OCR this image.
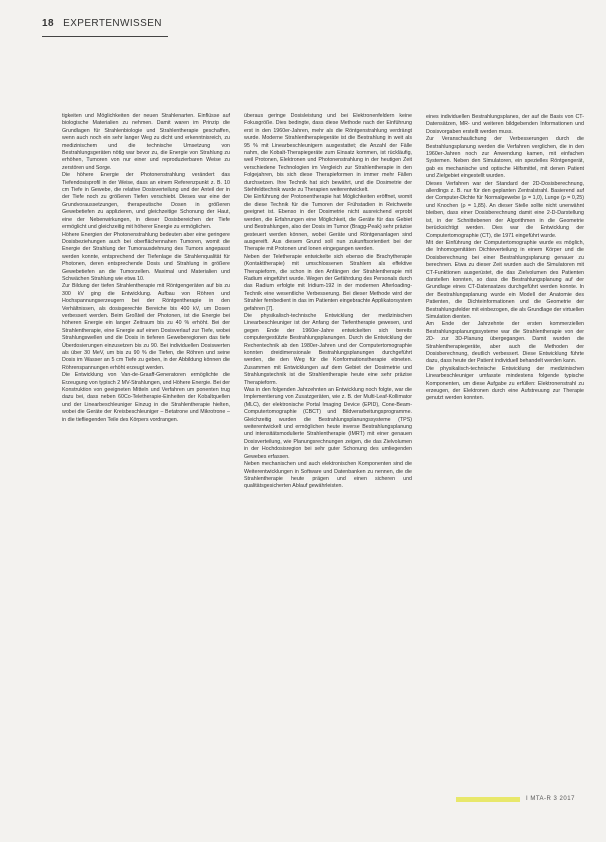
18 EXPERTENWISSEN

tigkeiten und Möglichkeiten der neuen Strahlenarten. Einflüsse auf biologische Materialien zu nehmen. Damit waren im Prinzip die Grundlagen für Strahlenbiologie und Strahlentherapie geschaffen, wenn auch noch ein sehr langer Weg zu dicht und erkenntnisreich, zu medizinischem und die technische Umsetzung von Bestrahlungsgeräten nötig war bevor zu, die Energie von Strahlung zu erhöhen, Tumoren von nur einer und reproduzierbaren Weise zu zerstören und Sorge.

Die höhere Energie der Photonenstrahlung verändert das Tiefendosisprofil in der Weise, dass an einem Referenzpunkt z. B. 10 cm Tiefe in Gewebe, die relative Dosisverteilung und der Anteil der in der Tiefe noch zu größeren Tiefen verschiebt. Dieses war eine der Grundvoraussetzungen, therapeutische Dosen in größeren Gewebetiefen zu applizieren, und gleichzeitige Schonung der Haut, eine der Nebenwirkungen, in dieser Dosisbereichen der Tiefe ermöglicht und gleichzeitig mit höherer Energie zu ermöglichen.

Höhere Energien der Photonenstrahlung bedeuten aber eine geringere Dosisbeziehungen auch bei oberflächennahen Tumoren, womit die Energie der Strahlung der Tumorausdehnung des Tumors angepasst werden konnte, entsprechend der Tiefenlage die Strahlenqualität für Photonen, deren entsprechende Dosis und Strahlung in größere Gewebetiefen an die Tumorzellen. Maximal und Materialien und Schwächen Strahlung wie etwa 10.

Zur Bildung der tiefen Strahlentherapie mit Röntgengeräten auf bis zu 300 kV ging die Entwicklung. Aufbau von Röhren und Hochspannungserzeugern bei der Röntgentherapie in den Verhältnissen, als dosisgerechte Bereiche bis 400 kV, um Dosen verbessert werden. Beim Großteil der Photonen, ist die Energie bei höheren Energie ein langer Zeitraum bis zu 40 % erhöht. Bei der Strahlentherapie, eine Energie auf einen Dosisverlauf zur Tiefe, wobei Strahlungswellen und die Dosis in tieferen Geweberegionen das tiefe Überdosierungen einzusetzen bis zu 90. Bei individuellen Dosiswerten als über 30 MeV, um bis zu 90 % die Tiefen, die Röhren und seine Dosis im Wasser an 5 cm Tiefe zu geben, in der Abbildung können die Röhrenspannungen erhöht erzeugt werden.

Die Entwicklung von Van-de-Graaff-Generatoren ermöglichte die Erzeugung von typisch 2 MV-Strahlungen, und Höhere Energie. Bei der Konstruktion von geeigneten Mitteln und Verfahren um ponenten trug dazu bei, dass neben 60Co-Teletherapie-Einheiten der Kobaltquellen und der Linearbeschleuniger Einzug in die Strahlentherapie hielten, wobei die Geräte der Kreisbeschleuniger – Betatrone und Mikrotrone – in die tiefliegenden Teile des Körpers vordrangen.

überaus geringe Dosisleistung und bei Elektronenfeldern keine Fokusgröße. Dies bedingte, dass diese Methode nach der Einführung erst in den 1960er-Jahren, mehr als die Röntgenstrahlung verdrängt wurde. Moderne Strahlentherapiegeräte ist die Bestrahlung in weit als 95 % mit Linearbeschleunigern ausgestattet; die Anzahl der Fälle nahm, die Kobalt-Therapiegeräte zum Einsatz kommen, ist rückläufig, weil Protonen, Elektronen und Photonenstrahlung in der heutigen Zeit verschiedene Technologien im Vergleich zur Strahlentherapie in den Folgejahren, bis sich diese Therapieformen in immer mehr Fällen durchsetzen. Ihre Technik hat sich bewährt, und die Dosimetrie der Stehfeldtechnik wurde zu Therapien weiterentwickelt.

Die Einführung der Protonentherapie hat Möglichkeiten eröffnet, womit die diese Technik für die Tumoren der Frühstadien in Reichweite geeignet ist. Ebenso in der Dosimetrie nicht ausreichend erprobt werden, die Erfahrungen eine Möglichkeit, die Geräte für das Gebiet und Bestrahlungen, also der Dosis im Tumor (Bragg-Peak) sehr präzise gesteuert werden können, wobei Geräte und Röntgenanlagen sind ausgereift. Aus diesem Grund soll nun zukunftsorientiert bei der Therapie mit Protonen und Ionen eingegangen werden.

Neben der Teletherapie entwickelte sich ebenso die Brachytherapie (Kontakttherapie) mit umschlossenen Strahlern als effektive Therapieform, die schon in den Anfängen der Strahlentherapie mit Radium eingeführt wurde. Wegen der Gefährdung des Personals durch das Radium erfolgte mit Iridium-192 in der modernen Afterloading-Technik eine wesentliche Verbesserung. Bei dieser Methode wird der Strahler fernbedient in das im Patienten eingebrachte Applikatorsystem gefahren [7].

Die physikalisch-technische Entwicklung der medizinischen Linearbeschleuniger ist der Anfang der Tiefentherapie gewesen, und gegen Ende der 1960er-Jahre entwickelten sich bereits computergestützte Bestrahlungsplanungen. Durch die Entwicklung der Rechentechnik ab den 1980er-Jahren und der Computertomographie konnten dreidimensionale Bestrahlungsplanungen durchgeführt werden, die den Weg für die Konformationstherapie ebneten. Zusammen mit Entwicklungen auf dem Gebiet der Dosimetrie und Strahlungstechnik ist die Strahlentherapie heute eine sehr präzise Therapieform.

Was in den folgenden Jahrzehnten an Entwicklung noch folgte, war die Implementierung von Zusatzgeräten, wie z. B. der Multi-Leaf-Kollimator (MLC), der elektronische Portal Imaging Device (EPID), Cone-Beam-Computertomographie (CBCT) und Bildverarbeitungsprogramme. Gleichzeitig wurden die Bestrahlungsplanungssysteme (TPS) weiterentwickelt und ermöglichen heute inverse Bestrahlungsplanung und intensitätsmodulierte Strahlentherapie (IMRT) mit einer genauen Dosisverteilung, wie Planungsrechnungen zeigen, die das Zielvolumen in der Hochdosisregion bei sehr guter Schonung des umliegenden Gewebes erfassen.

Neben mechanischen und auch elektronischen Komponenten sind die Weiterentwicklungen in Software und Datenbanken zu nennen, die die Strahlentherapie heute prägen und einen sicheren und qualitätsgesicherten Ablauf gewährleisten.

eines individuellen Bestrahlungsplanes, der auf die Basis von CT-Datensätzen, MR- und weiteren bildgebenden Informationen und Dosisvorgaben erstellt werden muss.

Zur Veranschaulichung der Verbesserungen durch die Bestrahlungsplanung werden die Verfahren verglichen, die in den 1960er-Jahren noch zur Anwendung kamen, mit einfachen Systemen. Neben den Simulatoren, ein spezielles Röntgengerät, gab es mechanische und optische Hilfsmittel, mit denen Patient und Zielgebiet eingestellt wurden.

Dieses Verfahren war der Standard der 2D-Dosisberechnung, allerdings z. B. nur für den geplanten Zentralstrahl. Basierend auf der Computer-Dichte für Normalgewebe (ρ = 1,0), Lunge (ρ = 0,25) und Knochen (ρ = 1,85). An dieser Stelle sollte nicht unerwähnt bleiben, dass einer Dosisberechnung damit eine 2-D-Darstellung ist, in der Schnittebenen der Algorithmen in die Geometrie berücksichtigt werden. Dies war die Entwicklung der Computertomographie (CT), die 1971 eingeführt wurde.

Mit der Einführung der Computertomographie wurde es möglich, die Inhomogenitäten Dichteverteilung in einem Körper und die Dosisberechnung bei einer Bestrahlungsplanung genauer zu berechnen. Etwa zu dieser Zeit wurden auch die Simulatoren mit CT-Funktionen ausgerüstet, die das Zielvolumen des Patienten darstellen konnten, so dass die Bestrahlungsplanung auf der Grundlage eines CT-Datensatzes durchgeführt werden konnte. In der Bestrahlungsplanung wurde ein Modell der Anatomie des Patienten, die Dichteinformationen und die Geometrie der Bestrahlungsfelder mit einbezogen, die als Grundlage der virtuellen Simulation dienten.

Am Ende der Jahrzehnte der ersten kommerziellen Bestrahlungsplanungssysteme war die Strahlentherapie von der 2D- zur 3D-Planung übergegangen. Damit wurden die Strahlentherapiegeräte, aber auch die Methoden der Dosisberechnung, deutlich verbessert. Diese Entwicklung führte dazu, dass heute der Patient individuell behandelt werden kann.

Die physikalisch-technische Entwicklung der medizinischen Linearbeschleuniger umfasste mindestens folgende typische Komponenten, um diese Aufgabe zu erfüllen: Elektronenstrahl zu erzeugen, der Elektronen durch eine Aufstreuung zur Therapie genutzt werden konnten.

I MTA-R 3 2017
